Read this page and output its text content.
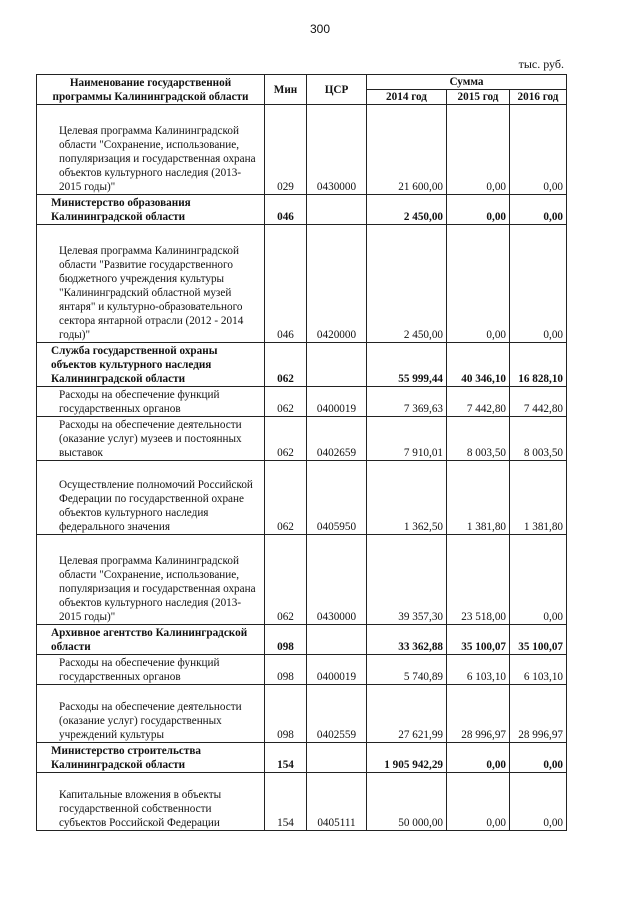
300
тыс. руб.
Наименование государственной программы Калининградской области	Мин	ЦСР	Сумма		
			2014 год	2015 год	2016 год
Целевая программа Калининградской области "Сохранение, использование, популяризация и государственная охрана объектов культурного наследия (2013-2015 годы)"	029	0430000	21 600,00	0,00	0,00
Министерство образования Калининградской области	046		2 450,00	0,00	0,00
Целевая программа Калининградской области "Развитие государственного бюджетного учреждения культуры "Калининградский областной музей янтаря" и культурно-образовательного сектора янтарной отрасли (2012 - 2014 годы)"	046	0420000	2 450,00	0,00	0,00
Служба государственной охраны объектов культурного наследия Калининградской области	062		55 999,44	40 346,10	16 828,10
Расходы на обеспечение функций государственных органов	062	0400019	7 369,63	7 442,80	7 442,80
Расходы на обеспечение деятельности (оказание услуг) музеев и постоянных выставок	062	0402659	7 910,01	8 003,50	8 003,50
Осуществление полномочий Российской Федерации по государственной охране объектов культурного наследия федерального значения	062	0405950	1 362,50	1 381,80	1 381,80
Целевая программа Калининградской области "Сохранение, использование, популяризация и государственная охрана объектов культурного наследия (2013-2015 годы)"	062	0430000	39 357,30	23 518,00	0,00
Архивное агентство Калининградской области	098		33 362,88	35 100,07	35 100,07
Расходы на обеспечение функций государственных органов	098	0400019	5 740,89	6 103,10	6 103,10
Расходы на обеспечение деятельности (оказание услуг) государственных учреждений культуры	098	0402559	27 621,99	28 996,97	28 996,97
Министерство строительства Калининградской области	154		1 905 942,29	0,00	0,00
Капитальные вложения в объекты государственной собственности субъектов Российской Федерации	154	0405111	50 000,00	0,00	0,00
